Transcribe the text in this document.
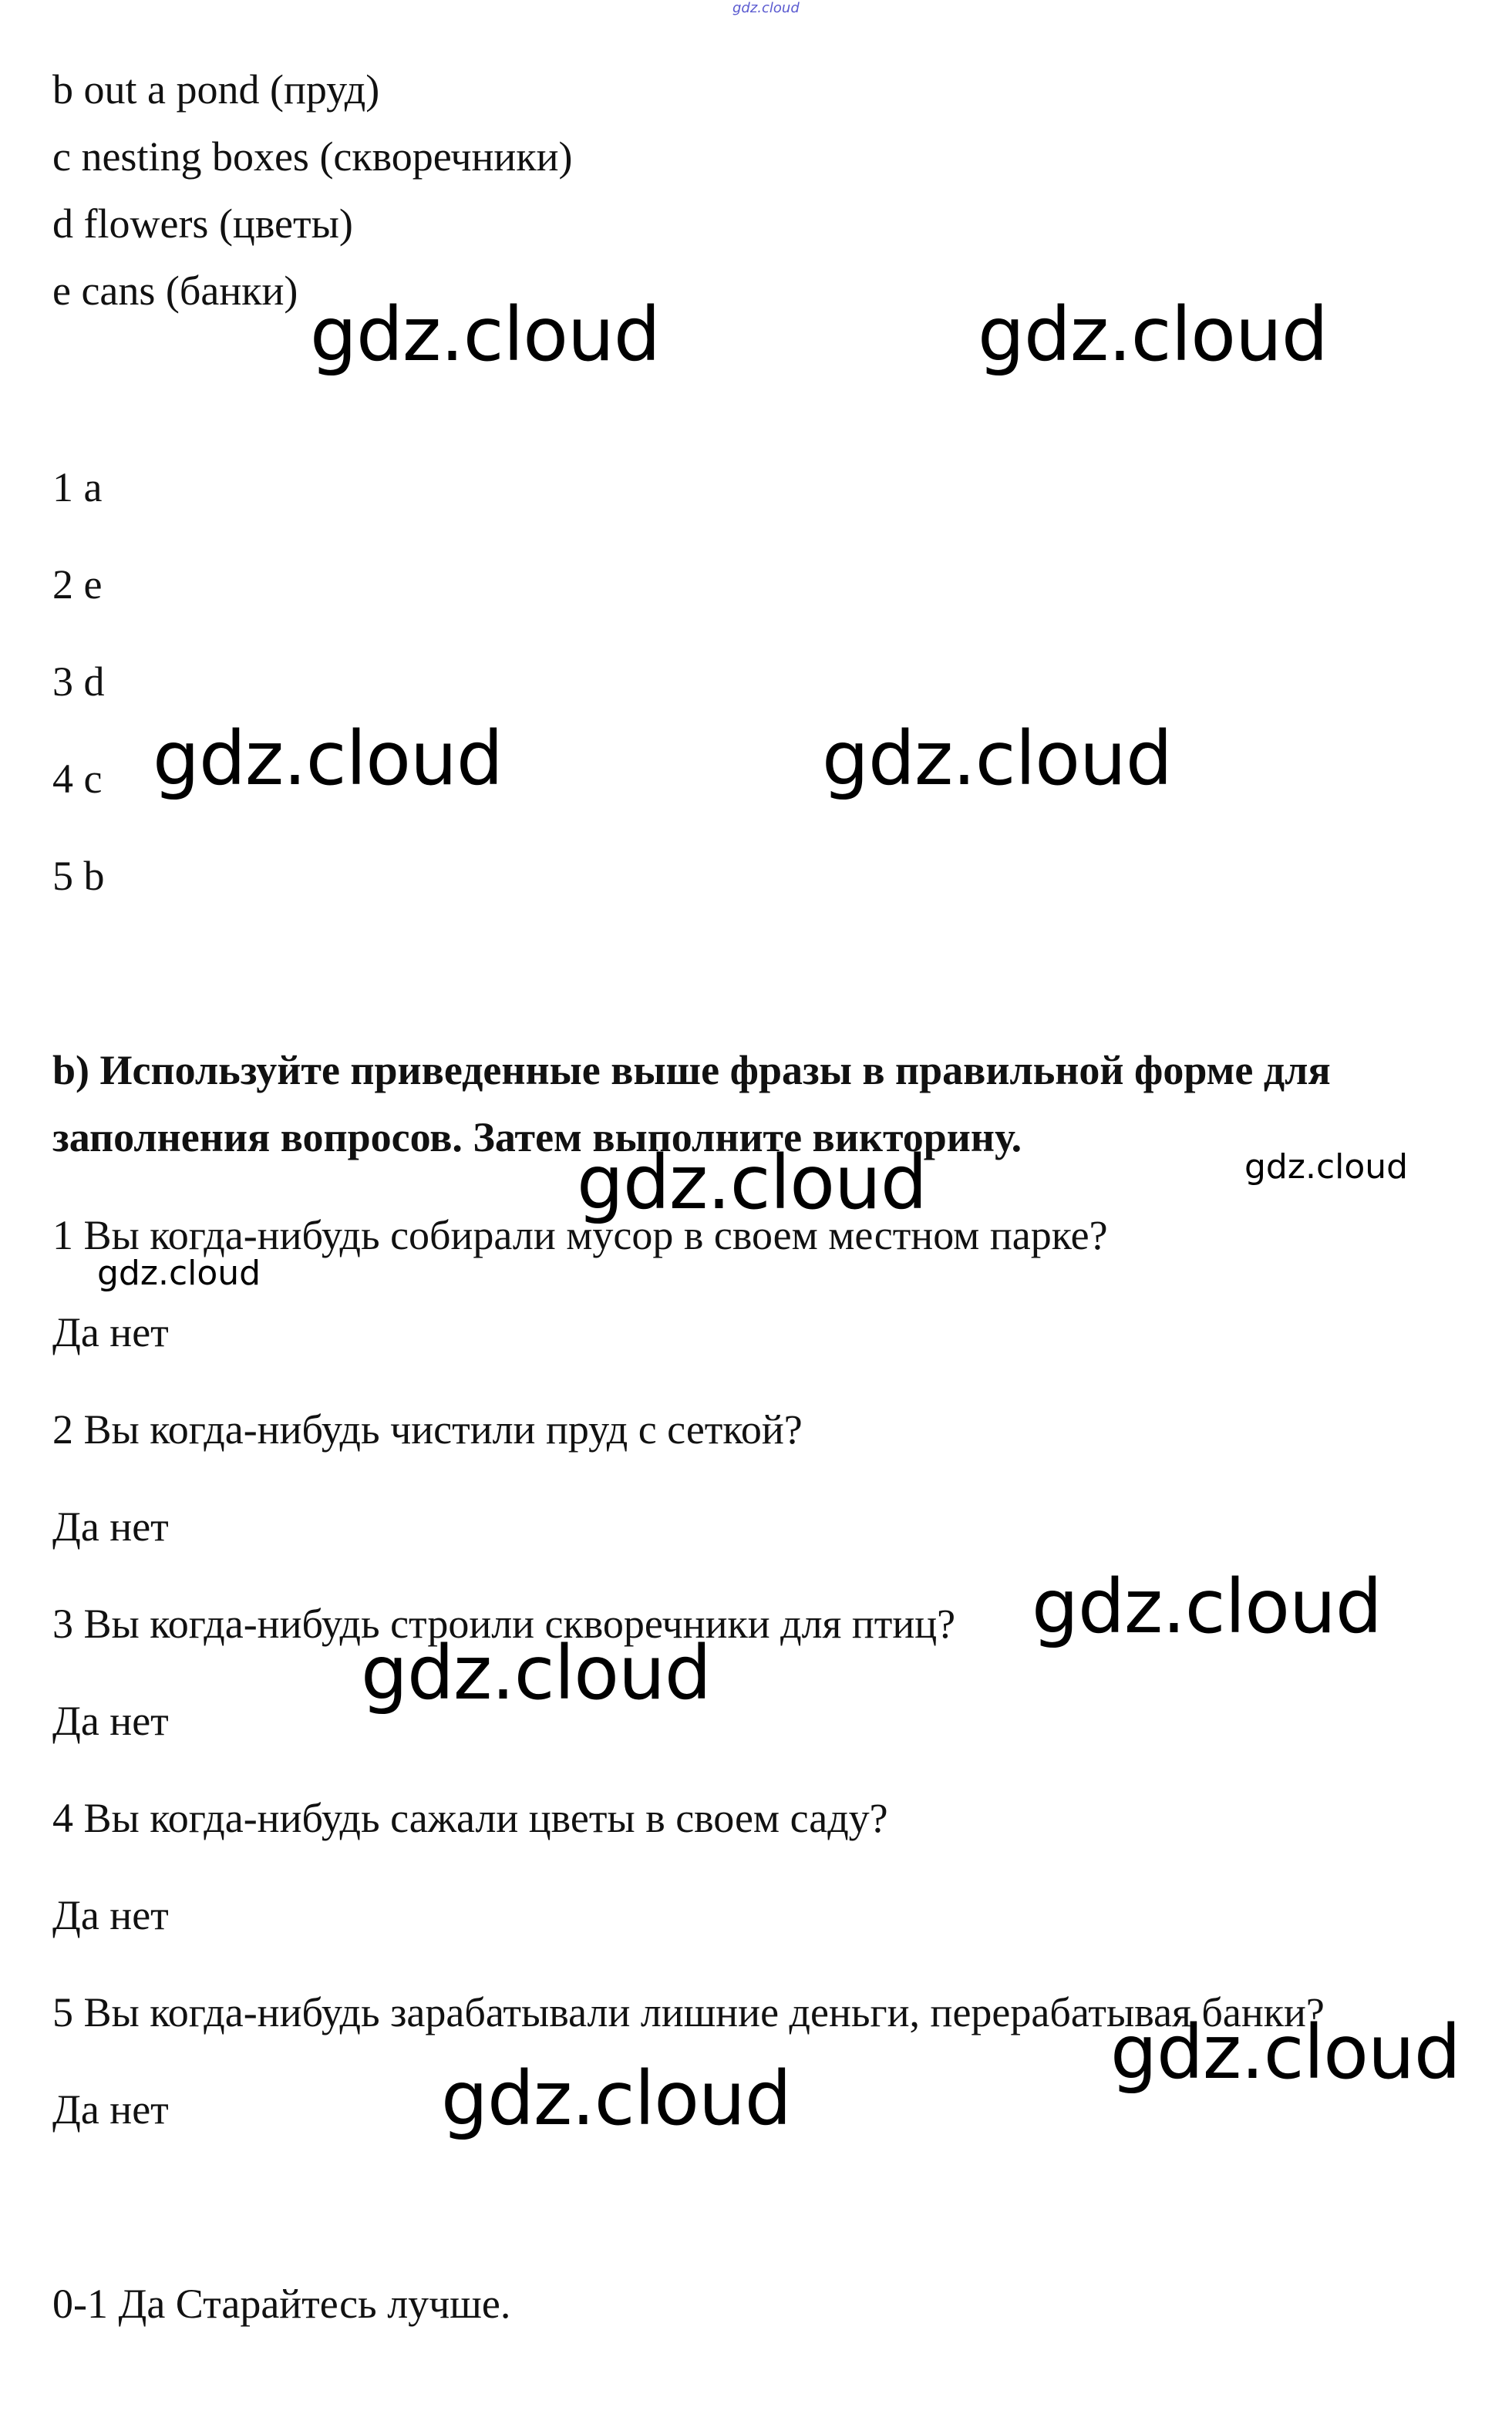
gdz.cloud
b out a pond (пруд)
c nesting boxes (скворечники)
d flowers (цветы)
e cans (банки)
1 a
2 e
3 d
4 c
5 b
b) Используйте приведенные выше фразы в правильной форме для
заполнения вопросов. Затем выполните викторину.
1 Вы когда-нибудь собирали мусор в своем местном парке?
Да нет
2 Вы когда-нибудь чистили пруд с сеткой?
Да нет
3 Вы когда-нибудь строили скворечники для птиц?
Да нет
4 Вы когда-нибудь сажали цветы в своем саду?
Да нет
5 Вы когда-нибудь зарабатывали лишние деньги, перерабатывая банки?
Да нет
0-1 Да Старайтесь лучше.
gdz.cloud	gdz.cloud
gdz.cloud	gdz.cloud
gdz.cloud	gdz.cloud
gdz.cloud
gdz.cloud
gdz.cloud
gdz.cloud
gdz.cloud
